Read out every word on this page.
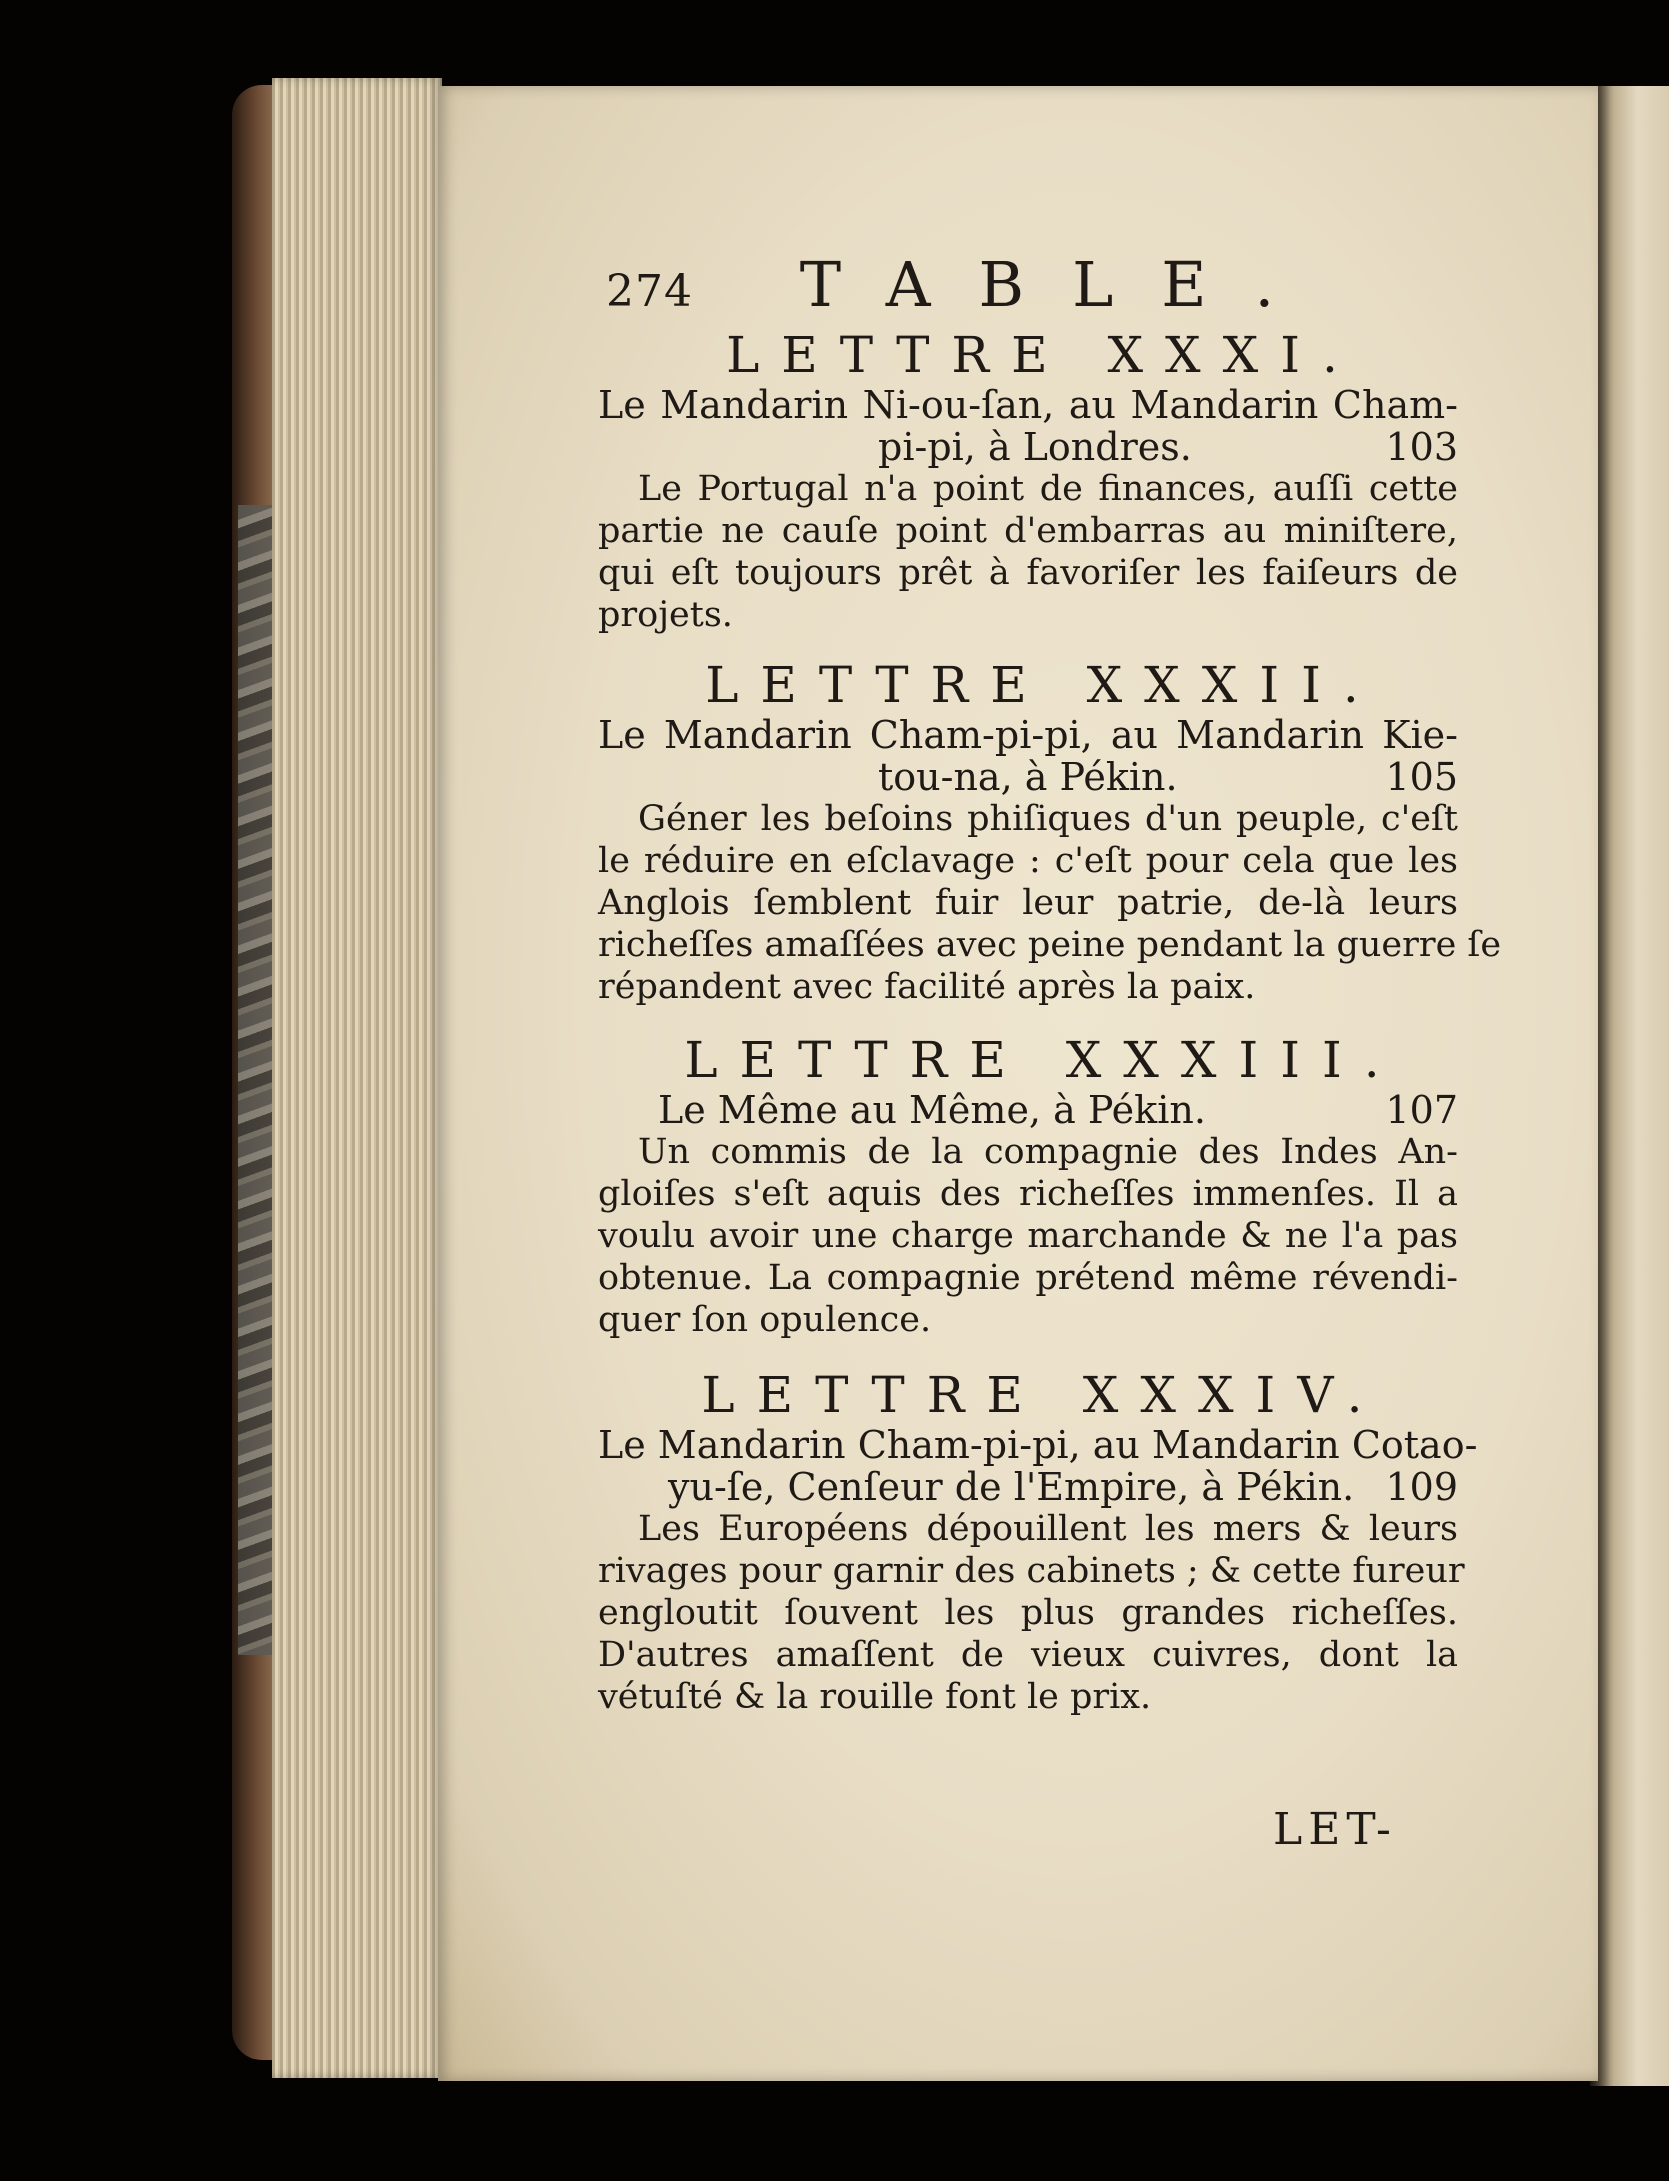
274	TABLE.
LETTRE XXXI.
Le Mandarin Ni-ou-ſan, au Mandarin Cham-
pi-pi, à Londres.	103
Le Portugal n'a point de finances, auſſi cette
partie ne cauſe point d'embarras au miniſtere,
qui eſt toujours prêt à favoriſer les faiſeurs de
projets.
LETTRE XXXII.
Le Mandarin Cham-pi-pi, au Mandarin Kie-
tou-na, à Pékin.	105
Géner les beſoins phiſiques d'un peuple, c'eſt
le réduire en eſclavage : c'eſt pour cela que les
Anglois ſemblent fuir leur patrie, de-là leurs
richeſſes amaſſées avec peine pendant la guerre ſe
répandent avec facilité après la paix.
LETTRE XXXIII.
Le Même au Même, à Pékin.	107
Un commis de la compagnie des Indes An-
gloiſes s'eſt aquis des richeſſes immenſes. Il a
voulu avoir une charge marchande & ne l'a pas
obtenue. La compagnie prétend même révendi-
quer ſon opulence.
LETTRE XXXIV.
Le Mandarin Cham-pi-pi, au Mandarin Cotao-
yu-ſe, Cenſeur de l'Empire, à Pékin. 109
Les Européens dépouillent les mers & leurs
rivages pour garnir des cabinets ; & cette fureur
engloutit ſouvent les plus grandes richeſſes.
D'autres amaſſent de vieux cuivres, dont la
vétuſté & la rouille font le prix.
LET-
